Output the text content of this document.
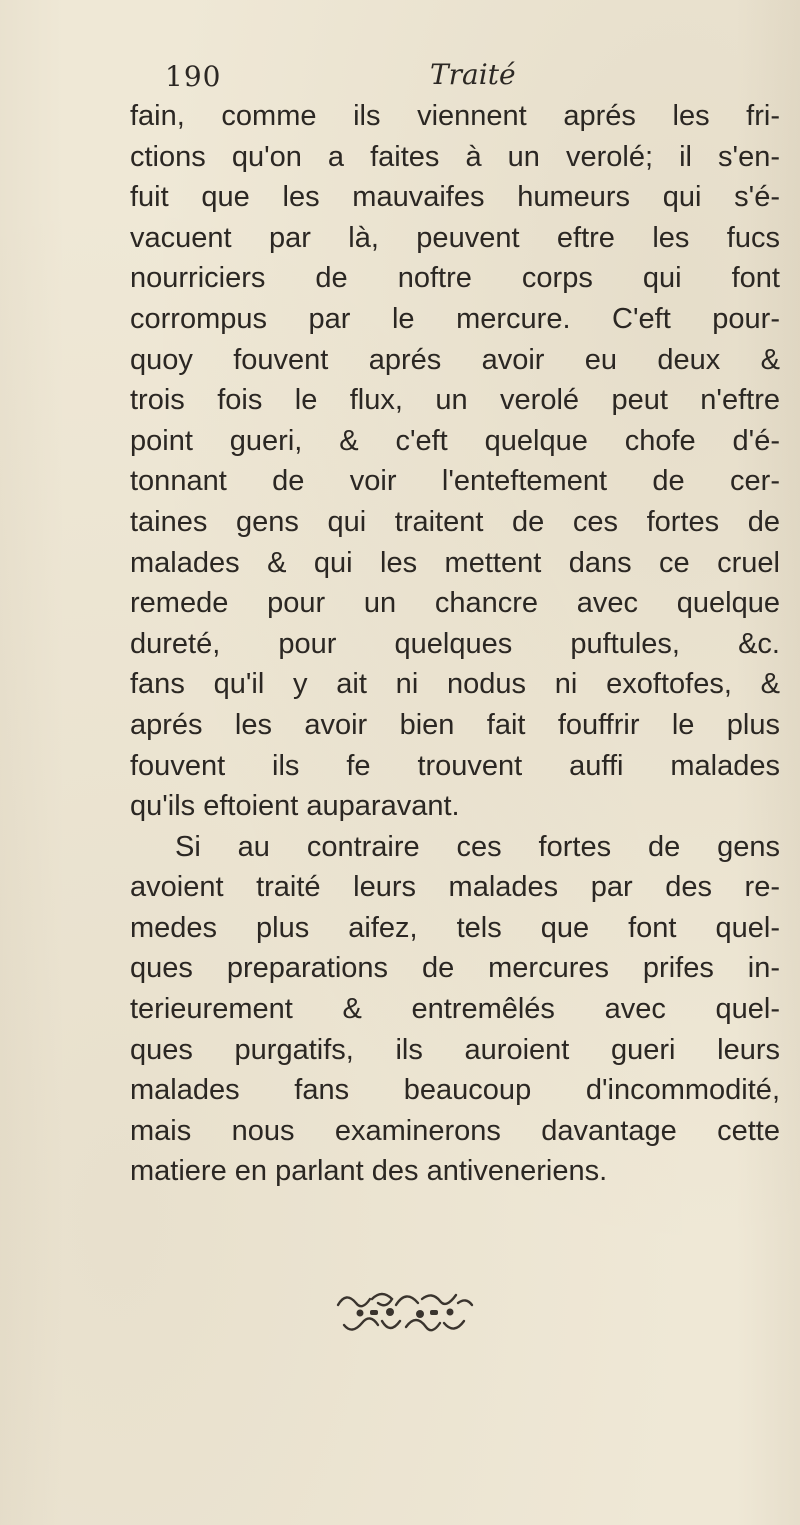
190	Traité
fain, comme ils viennent aprés les fri-
ctions qu'on a faites à un verolé; il s'en-
fuit que les mauvaifes humeurs qui s'é-
vacuent par là, peuvent eftre les fucs
nourriciers de noftre corps qui font
corrompus par le mercure. C'eft pour-
quoy fouvent aprés avoir eu deux &
trois fois le flux, un verolé peut n'eftre
point gueri, & c'eft quelque chofe d'é-
tonnant de voir l'enteftement de cer-
taines gens qui traitent de ces fortes de
malades & qui les mettent dans ce cruel
remede pour un chancre avec quelque
dureté, pour quelques puftules, &c.
fans qu'il y ait ni nodus ni exoftofes, &
aprés les avoir bien fait fouffrir le plus
fouvent ils fe trouvent auffi malades
qu'ils eftoient auparavant.
Si au contraire ces fortes de gens
avoient traité leurs malades par des re-
medes plus aifez, tels que font quel-
ques preparations de mercures prifes in-
terieurement & entremêlés avec quel-
ques purgatifs, ils auroient gueri leurs
malades fans beaucoup d'incommodité,
mais nous examinerons davantage cette
matiere en parlant des antiveneriens.
